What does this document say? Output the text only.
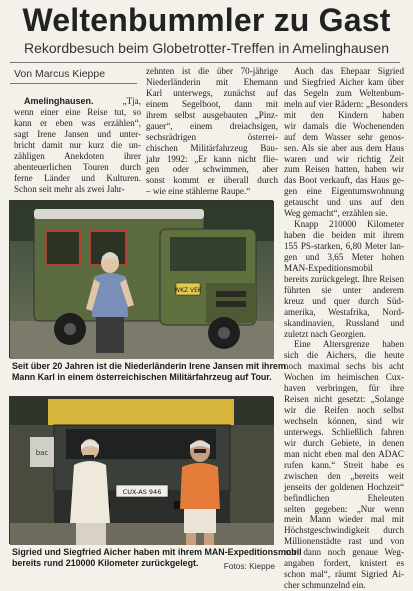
Weltenbummler zu Gast
Rekordbesuch beim Globetrotter-Treffen in Amelinghausen
Von Marcus Kieppe
Amelinghausen.	„Tja,
wenn einer eine Reise tut, so
kann er eben was erzählen“,
sagt Irene Jansen und unter-
bricht damit nur kurz die un-
zähligen Anekdoten ihrer
abenteuerlichen Touren durch
ferne Länder und Kulturen.
Schon seit mehr als zwei Jahr-
zehnten ist die über 70-jährige
Niederländerin mit Ehemann
Karl unterwegs, zunächst auf
einem Segelboot, dann mit
ihrem selbst ausgebauten „Pinz-
gauer“, einem dreiachsigen,
sechsrädrigen österrei-
chischen Militärfahrzeug Bau-
jahr 1992: „Er kann nicht flie-
gen oder schwimmen, aber
sonst kommt er überall durch
– wie eine stählerne Raupe.“
Auch das Ehepaar Sigried
und Siegfried Aicher kam über
das Segeln zum Weltenbum-
meln auf vier Rädern: „Besonders
mit den Kindern haben
wir damals die Wochenenden
auf dem Wasser sehr genos-
sen. Als sie aber aus dem Haus
waren und wir richtig Zeit
zum Reisen hatten, haben wir
das Boot verkauft, das Haus ge-
gen eine Eigentumswohnung
getauscht und uns auf den
Weg gemacht“, erzählen sie.
Knapp 210000 Kilometer
haben die beiden mit ihrem
155 PS-starken, 6,80 Meter lan-
gen und 3,65 Meter hohen
MAN-Expeditionsmobil
bereits zurückgelegt. Ihre Reisen
führten sie unter anderem
kreuz und quer durch Süd-
amerika, Westafrika, Nord-
skandinavien, Russland und
zuletzt nach Georgien.
Eine Altersgrenze haben
sich die Aichers, die heute
noch maximal sechs bis acht
Wochen im heimischen Cux-
haven verbringen, für ihre
Reisen nicht gesetzt: „Solange
wir die Reifen noch selbst
wechseln können, sind wir
unterwegs. Schließlich fahren
wir durch Gebiete, in denen
man nicht eben mal den ADAC
rufen kann.“ Streit habe es
zwischen den „bereits weit
jenseits der goldenen Hochzeit“
befindlichen Eheleuten
selten gegeben: „Nur wenn
mein Mann wieder mal mit
Höchstgeschwindigkeit durch
Millionenstädte rast und von
mir dann noch genaue Weg-
angaben fordert, knistert es
schon mal“, räumt Sigried Ai-
cher schmunzelnd ein.
WKZ VEK
Seit über 20 Jahren ist die Niederländerin Irene Jansen mit ihrem
Mann Karl in einem österreichischen Militärfahrzeug auf Tour.
bac
CUX-AS 946
Sigried und Siegfried Aicher haben mit ihrem MAN-Expeditionsmobil
bereits rund 210000 Kilometer zurückgelegt.	Fotos: Kieppe
